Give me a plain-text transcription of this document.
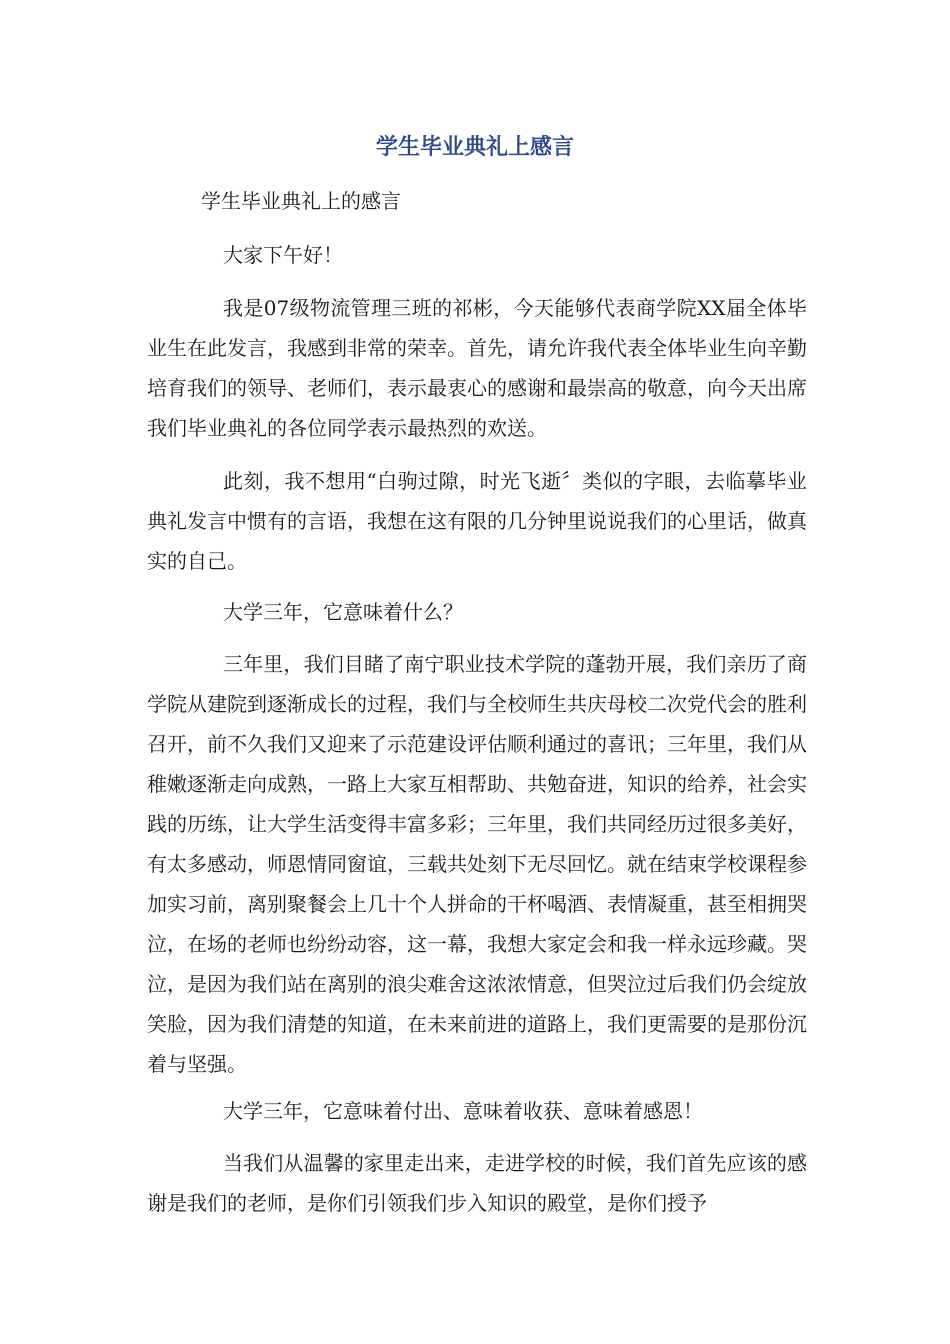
学生毕业典礼上感言
学生毕业典礼上的感言

大家下午好！

我是07级物流管理三班的祁彬，今天能够代表商学院XX届全体毕业生在此发言，我感到非常的荣幸。首先，请允许我代表全体毕业生向辛勤培育我们的领导、老师们，表示最衷心的感谢和最崇高的敬意，向今天出席我们毕业典礼的各位同学表示最热烈的欢送。

此刻，我不想用“白驹过隙，时光飞逝〞类似的字眼，去临摹毕业典礼发言中惯有的言语，我想在这有限的几分钟里说说我们的心里话，做真实的自己。

大学三年，它意味着什么？

三年里，我们目睹了南宁职业技术学院的蓬勃开展，我们亲历了商学院从建院到逐渐成长的过程，我们与全校师生共庆母校二次党代会的胜利召开，前不久我们又迎来了示范建设评估顺利通过的喜讯；三年里，我们从稚嫩逐渐走向成熟，一路上大家互相帮助、共勉奋进，知识的给养，社会实践的历练，让大学生活变得丰富多彩；三年里，我们共同经历过很多美好，有太多感动，师恩情同窗谊，三载共处刻下无尽回忆。就在结束学校课程参加实习前，离别聚餐会上几十个人拼命的干杯喝酒、表情凝重，甚至相拥哭泣，在场的老师也纷纷动容，这一幕，我想大家定会和我一样永远珍藏。哭泣，是因为我们站在离别的浪尖难舍这浓浓情意，但哭泣过后我们仍会绽放笑脸，因为我们清楚的知道，在未来前进的道路上，我们更需要的是那份沉着与坚强。

大学三年，它意味着付出、意味着收获、意味着感恩！

当我们从温馨的家里走出来，走进学校的时候，我们首先应该的感谢是我们的老师，是你们引领我们步入知识的殿堂，是你们授予
